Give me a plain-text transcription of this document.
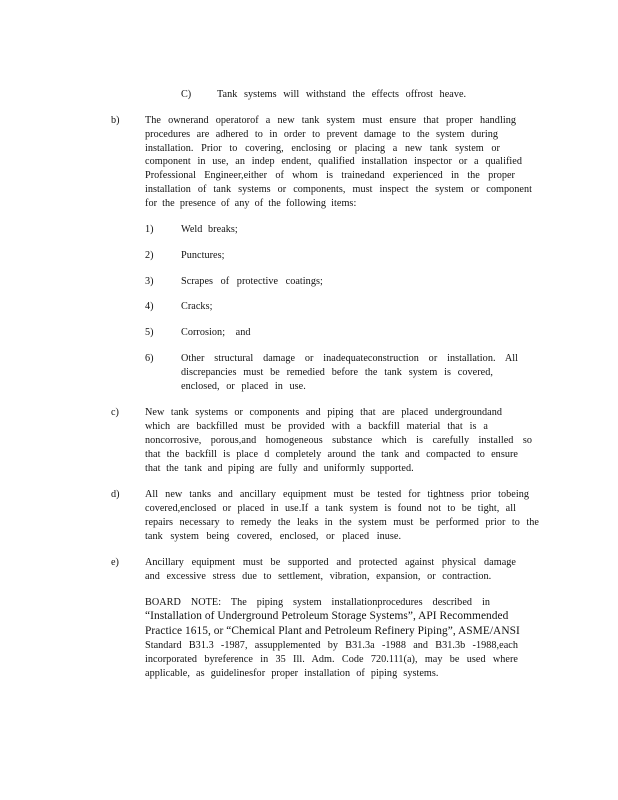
C)	Tank systems will withstand the effects offrost heave.
b)	The ownerand operatorof a new tank system must ensure that proper handling
procedures are adhered to in order to prevent damage to the system during
installation. Prior to covering, enclosing or placing a new tank system or
component in use, an indep endent, qualified installation inspector or a qualified
Professional Engineer,either of whom is trainedand experienced in the proper
installation of tank systems or components, must inspect the system or component
for the presence of any of the following items:
1)	Weld breaks;
2)	Punctures;
3)	Scrapes of protective coatings;
4)	Cracks;
5)	Corrosion; and
6)	Other structural damage or inadequateconstruction or installation. All
discrepancies must be remedied before the tank system is covered,
enclosed, or placed in use.
c)	New tank systems or components and piping that are placed undergroundand
which are backfilled must be provided with a backfill material that is a
noncorrosive, porous,and homogeneous substance which is carefully installed so
that the backfill is place d completely around the tank and compacted to ensure
that the tank and piping are fully and uniformly supported.
d)	All new tanks and ancillary equipment must be tested for tightness prior tobeing
covered,enclosed or placed in use.If a tank system is found not to be tight, all
repairs necessary to remedy the leaks in the system must be performed prior to the
tank system being covered, enclosed, or placed inuse.
e)	Ancillary equipment must be supported and protected against physical damage
and excessive stress due to settlement, vibration, expansion, or contraction.
BOARD NOTE: The piping system installationprocedures described in
“Installation of Underground Petroleum Storage Systems”, API Recommended
Practice 1615, or “Chemical Plant and Petroleum Refinery Piping”, ASME/ANSI
Standard B31.3 -1987, assupplemented by B31.3a -1988 and B31.3b -1988,each
incorporated byreference in 35 Ill. Adm. Code 720.111(a), may be used where
applicable, as guidelinesfor proper installation of piping systems.
